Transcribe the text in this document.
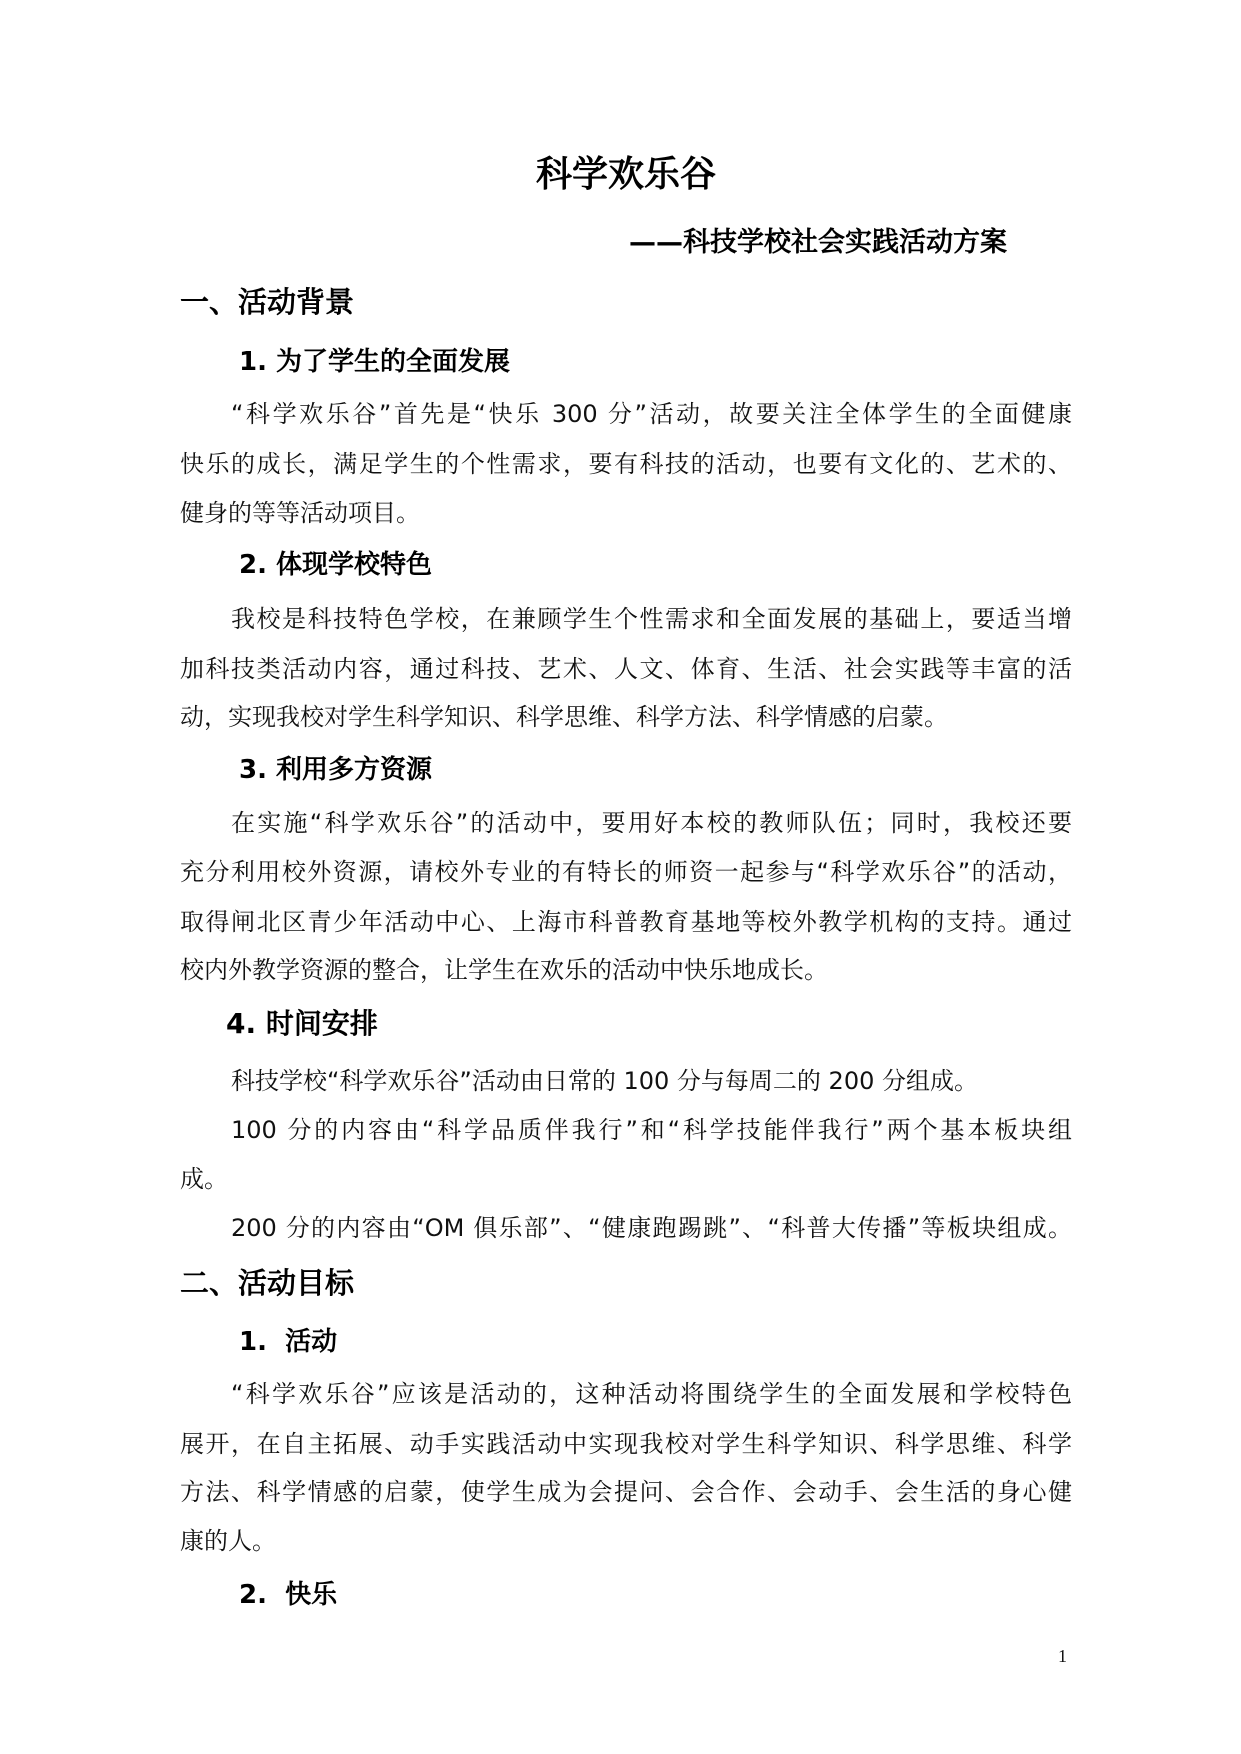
科学欢乐谷
——科技学校社会实践活动方案
一、活动背景
1. 为了学生的全面发展

“科学欢乐谷”首先是“快乐 300 分”活动，故要关注全体学生的全面健康

快乐的成长，满足学生的个性需求，要有科技的活动，也要有文化的、艺术的、

健身的等等活动项目。

2. 体现学校特色

我校是科技特色学校，在兼顾学生个性需求和全面发展的基础上，要适当增

加科技类活动内容，通过科技、艺术、人文、体育、生活、社会实践等丰富的活

动，实现我校对学生科学知识、科学思维、科学方法、科学情感的启蒙。

3. 利用多方资源

在实施“科学欢乐谷”的活动中，要用好本校的教师队伍；同时，我校还要

充分利用校外资源，请校外专业的有特长的师资一起参与“科学欢乐谷”的活动，

取得闸北区青少年活动中心、上海市科普教育基地等校外教学机构的支持。通过

校内外教学资源的整合，让学生在欢乐的活动中快乐地成长。

4. 时间安排

科技学校“科学欢乐谷”活动由日常的 100 分与每周二的 200 分组成。

100 分的内容由“科学品质伴我行”和“科学技能伴我行”两个基本板块组

成。

200 分的内容由“OM 俱乐部”、“健康跑踢跳”、“科普大传播”等板块组成。

二、活动目标
1.  活动

“科学欢乐谷”应该是活动的，这种活动将围绕学生的全面发展和学校特色

展开，在自主拓展、动手实践活动中实现我校对学生科学知识、科学思维、科学

方法、科学情感的启蒙，使学生成为会提问、会合作、会动手、会生活的身心健

康的人。

2.  快乐
1
